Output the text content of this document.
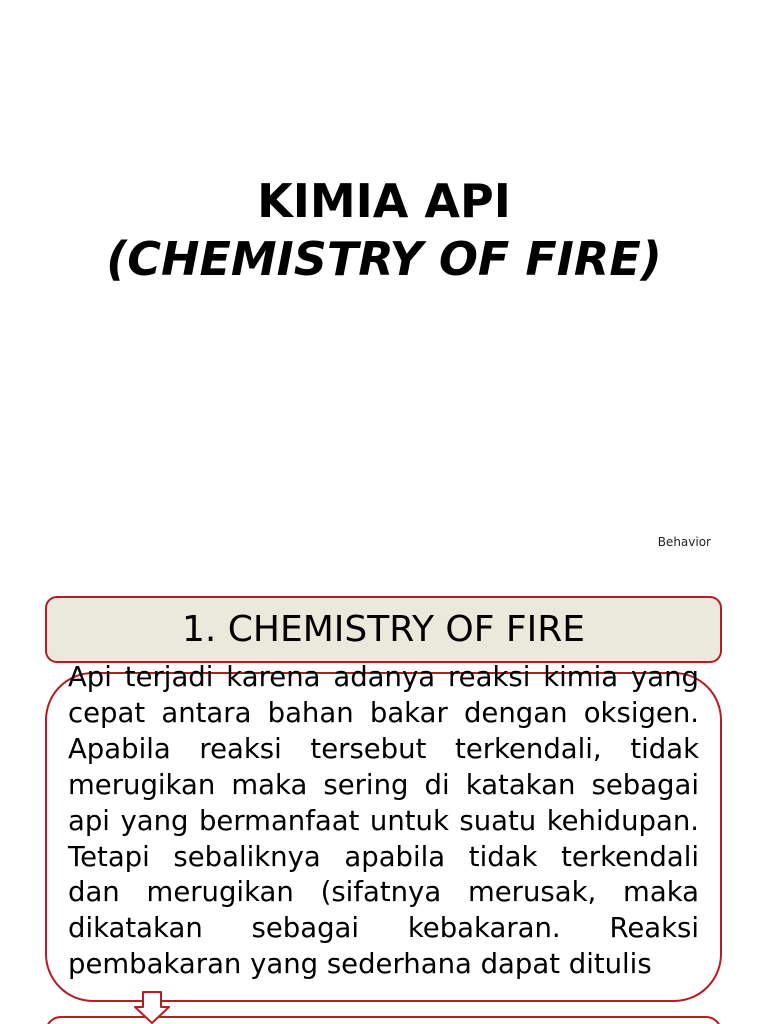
KIMIA API
(CHEMISTRY OF FIRE)
Behavior
1. CHEMISTRY OF FIRE
Api terjadi karena adanya reaksi kimia yang cepat antara bahan bakar dengan oksigen. Apabila reaksi tersebut terkendali, tidak merugikan maka sering di katakan sebagai api yang bermanfaat untuk suatu kehidupan. Tetapi sebaliknya apabila tidak terkendali dan merugikan (sifatnya merusak, maka dikatakan sebagai kebakaran. Reaksi pembakaran yang sederhana dapat ditulis
